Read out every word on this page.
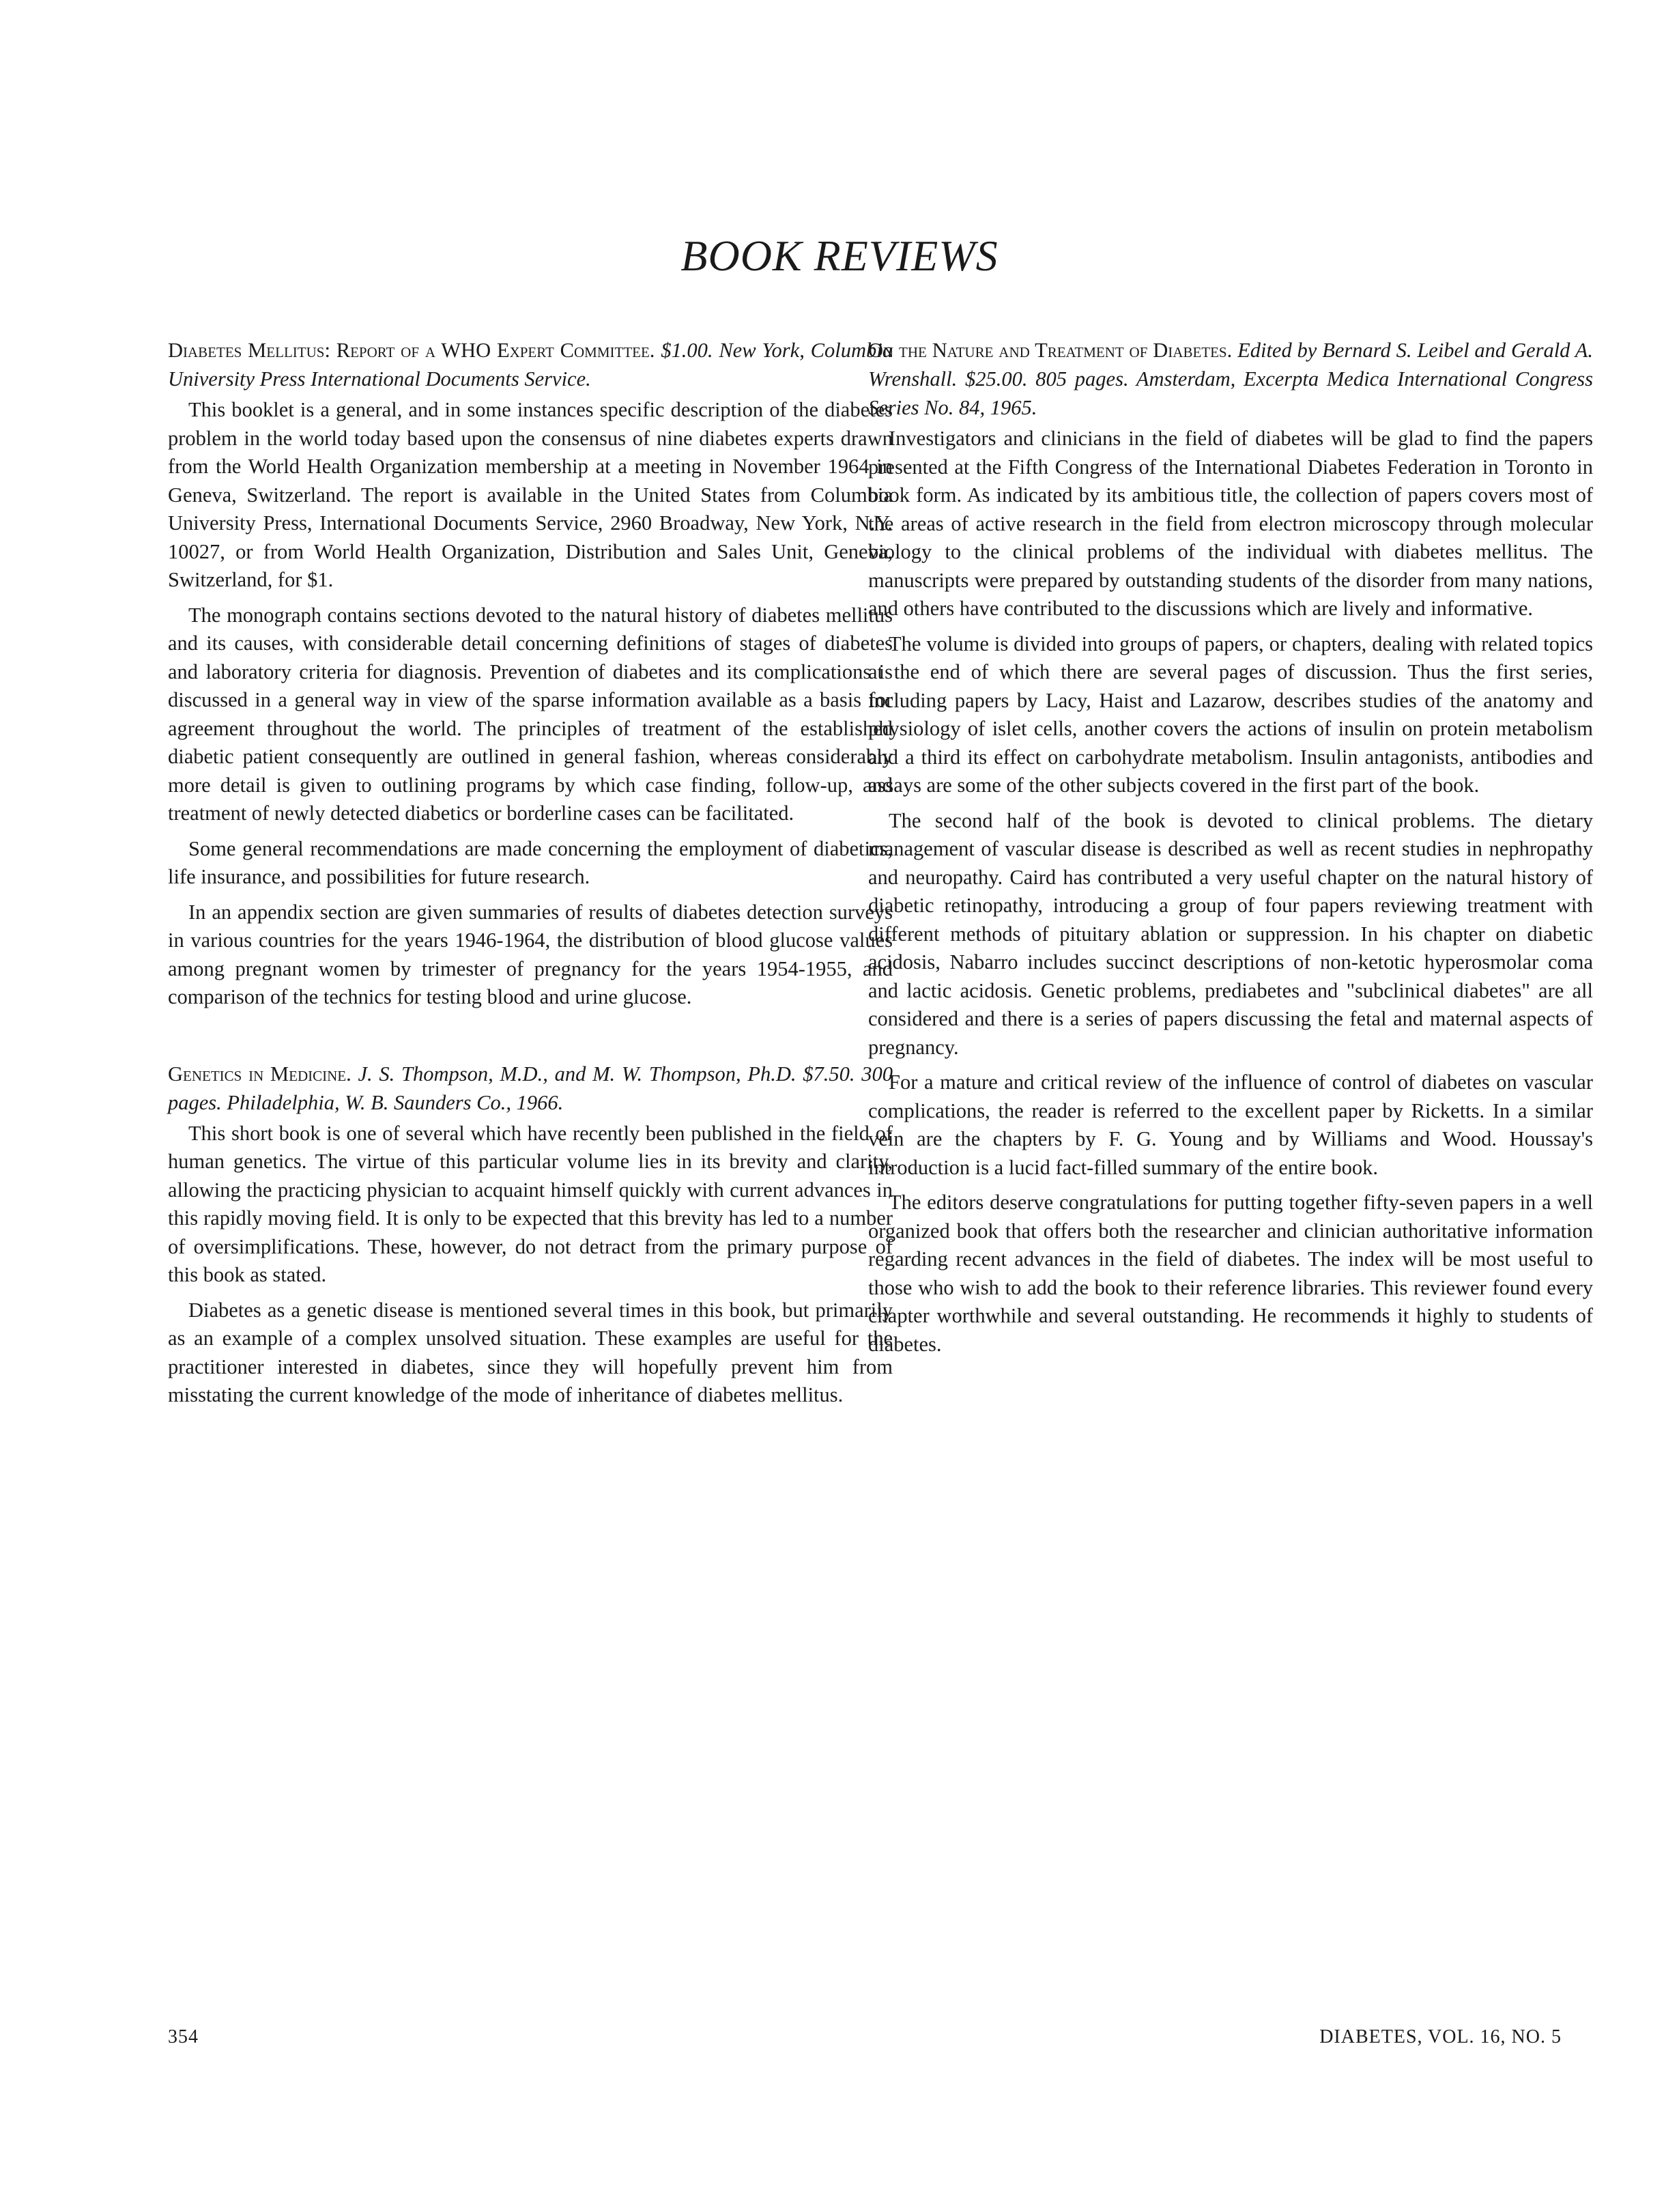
BOOK REVIEWS
Diabetes Mellitus: Report of a WHO Expert Committee. $1.00. New York, Columbia University Press International Documents Service.

This booklet is a general, and in some instances specific description of the diabetes problem in the world today based upon the consensus of nine diabetes experts drawn from the World Health Organization membership at a meeting in November 1964 in Geneva, Switzerland. The report is available in the United States from Columbia University Press, International Documents Service, 2960 Broadway, New York, N.Y. 10027, or from World Health Organization, Distribution and Sales Unit, Geneva, Switzerland, for $1.

The monograph contains sections devoted to the natural history of diabetes mellitus and its causes, with considerable detail concerning definitions of stages of diabetes and laboratory criteria for diagnosis. Prevention of diabetes and its complications is discussed in a general way in view of the sparse information available as a basis for agreement throughout the world. The principles of treatment of the established diabetic patient consequently are outlined in general fashion, whereas considerably more detail is given to outlining programs by which case finding, follow-up, and treatment of newly detected diabetics or borderline cases can be facilitated.

Some general recommendations are made concerning the employment of diabetics, life insurance, and possibilities for future research.

In an appendix section are given summaries of results of diabetes detection surveys in various countries for the years 1946-1964, the distribution of blood glucose values among pregnant women by trimester of pregnancy for the years 1954-1955, and comparison of the technics for testing blood and urine glucose.

Genetics in Medicine. J. S. Thompson, M.D., and M. W. Thompson, Ph.D. $7.50. 300 pages. Philadelphia, W. B. Saunders Co., 1966.

This short book is one of several which have recently been published in the field of human genetics. The virtue of this particular volume lies in its brevity and clarity, allowing the practicing physician to acquaint himself quickly with current advances in this rapidly moving field. It is only to be expected that this brevity has led to a number of oversimplifications. These, however, do not detract from the primary purpose of this book as stated.

Diabetes as a genetic disease is mentioned several times in this book, but primarily as an example of a complex unsolved situation. These examples are useful for the practitioner interested in diabetes, since they will hopefully prevent him from misstating the current knowledge of the mode of inheritance of diabetes mellitus.

On the Nature and Treatment of Diabetes. Edited by Bernard S. Leibel and Gerald A. Wrenshall. $25.00. 805 pages. Amsterdam, Excerpta Medica International Congress Series No. 84, 1965.

Investigators and clinicians in the field of diabetes will be glad to find the papers presented at the Fifth Congress of the International Diabetes Federation in Toronto in book form. As indicated by its ambitious title, the collection of papers covers most of the areas of active research in the field from electron microscopy through molecular biology to the clinical problems of the individual with diabetes mellitus. The manuscripts were prepared by outstanding students of the disorder from many nations, and others have contributed to the discussions which are lively and informative.

The volume is divided into groups of papers, or chapters, dealing with related topics at the end of which there are several pages of discussion. Thus the first series, including papers by Lacy, Haist and Lazarow, describes studies of the anatomy and physiology of islet cells, another covers the actions of insulin on protein metabolism and a third its effect on carbohydrate metabolism. Insulin antagonists, antibodies and assays are some of the other subjects covered in the first part of the book.

The second half of the book is devoted to clinical problems. The dietary management of vascular disease is described as well as recent studies in nephropathy and neuropathy. Caird has contributed a very useful chapter on the natural history of diabetic retinopathy, introducing a group of four papers reviewing treatment with different methods of pituitary ablation or suppression. In his chapter on diabetic acidosis, Nabarro includes succinct descriptions of non-ketotic hyperosmolar coma and lactic acidosis. Genetic problems, prediabetes and "subclinical diabetes" are all considered and there is a series of papers discussing the fetal and maternal aspects of pregnancy.

For a mature and critical review of the influence of control of diabetes on vascular complications, the reader is referred to the excellent paper by Ricketts. In a similar vein are the chapters by F. G. Young and by Williams and Wood. Houssay's introduction is a lucid fact-filled summary of the entire book.

The editors deserve congratulations for putting together fifty-seven papers in a well organized book that offers both the researcher and clinician authoritative information regarding recent advances in the field of diabetes. The index will be most useful to those who wish to add the book to their reference libraries. This reviewer found every chapter worthwhile and several outstanding. He recommends it highly to students of diabetes.

354	DIABETES, VOL. 16, NO. 5
